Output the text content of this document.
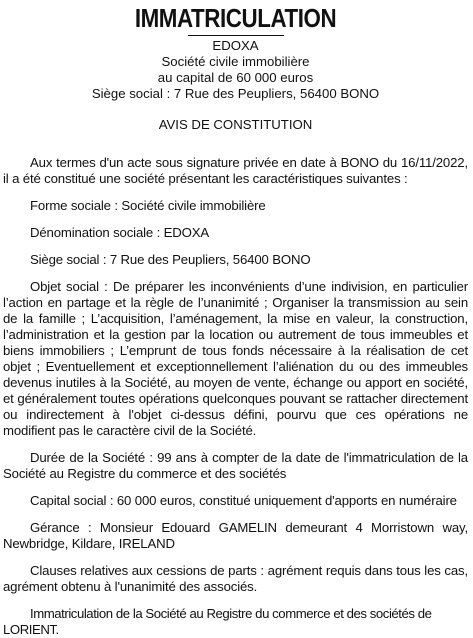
IMMATRICULATION
EDOXA
Société civile immobilière
au capital de 60 000 euros
Siège social : 7 Rue des Peupliers, 56400 BONO
AVIS DE CONSTITUTION

Aux termes d'un acte sous signature privée en date à BONO du 16/11/2022, il a été constitué une société présentant les caractéristiques suivantes :

Forme sociale : Société civile immobilière

Dénomination sociale : EDOXA

Siège social : 7 Rue des Peupliers, 56400 BONO

Objet social : De préparer les inconvénients d’une indivision, en particulier l’action en partage et la règle de l’unanimité ; Organiser la transmission au sein de la famille ; L’acquisition, l’aménagement, la mise en valeur, la construction, l’administration et la gestion par la location ou autrement de tous immeubles et biens immobiliers ; L’emprunt de tous fonds nécessaire à la réalisation de cet objet ; Eventuellement et exceptionnellement l’aliénation du ou des immeubles devenus inutiles à la Société, au moyen de vente, échange ou apport en société, et généralement toutes opérations quelconques pouvant se rattacher directement ou indirectement à l'objet ci-dessus défini, pourvu que ces opérations ne modifient pas le caractère civil de la Société.

Durée de la Société : 99 ans à compter de la date de l'immatriculation de la Société au Registre du commerce et des sociétés

Capital social : 60 000 euros, constitué uniquement d'apports en numéraire

Gérance : Monsieur Edouard GAMELIN demeurant 4 Morristown way, Newbridge, Kildare, IRELAND

Clauses relatives aux cessions de parts : agrément requis dans tous les cas, agrément obtenu à l'unanimité des associés.

Immatriculation de la Société au Registre du commerce et des sociétés de LORIENT.
